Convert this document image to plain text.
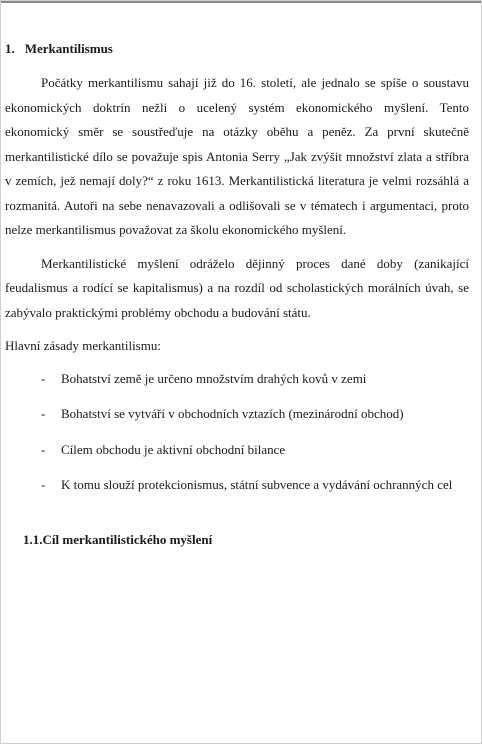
1. Merkantilismus

Počátky merkantilismu sahají již do 16. století, ale jednalo se spíše o soustavu ekonomických doktrín nežli o ucelený systém ekonomického myšlení. Tento ekonomický směr se soustřeďuje na otázky oběhu a peněz. Za první skutečně merkantilistické dílo se považuje spis Antonia Serry „Jak zvýšit množství zlata a stříbra v zemích, jež nemají doly?“ z roku 1613. Merkantilistická literatura je velmi rozsáhlá a rozmanitá. Autoři na sebe nenavazovali a odlišovali se v tématech i argumentaci, proto nelze merkantilismus považovat za školu ekonomického myšlení.

Merkantilistické myšlení odráželo dějinný proces dané doby (zanikající feudalismus a rodící se kapitalismus) a na rozdíl od scholastických morálních úvah, se zabývalo praktickými problémy obchodu a budování státu.

Hlavní zásady merkantilismu:

- Bohatství země je určeno množstvím drahých kovů v zemi
- Bohatství se vytváří v obchodních vztazích (mezinárodní obchod)
- Cílem obchodu je aktivní obchodní bilance
- K tomu slouží protekcionismus, státní subvence a vydávání ochranných cel
1.1.Cíl merkantilistického myšlení
